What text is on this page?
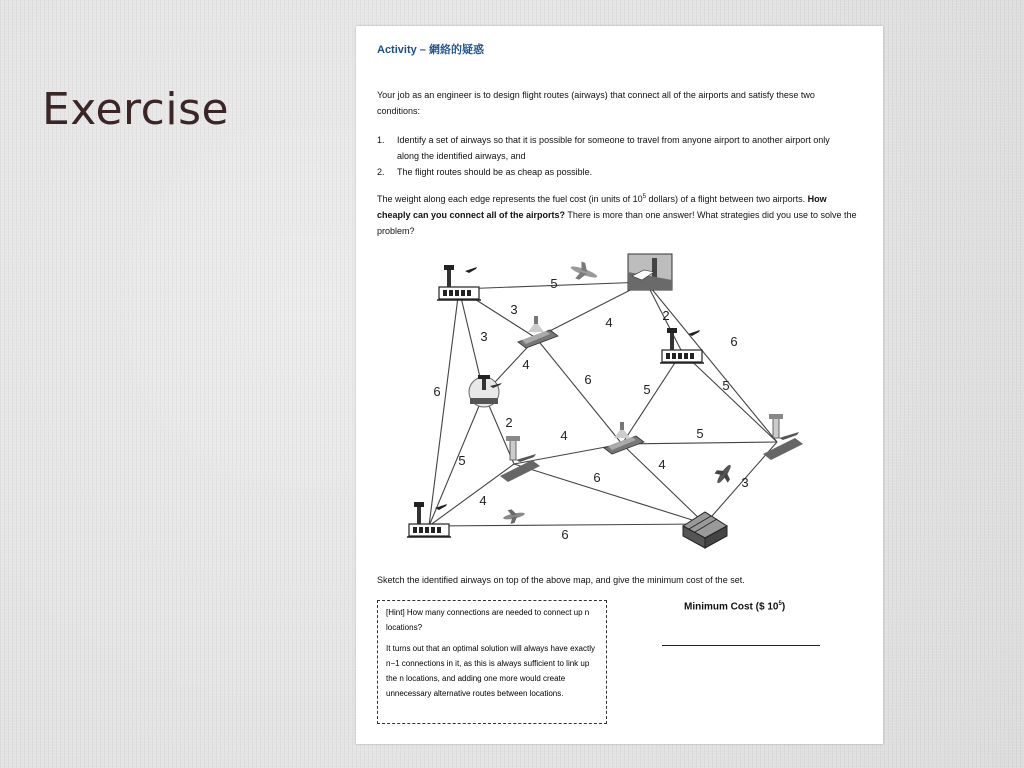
Exercise
Activity – 網絡的疑惑
Your job as an engineer is to design flight routes (airways) that connect all of the airports and satisfy these two conditions:
1.	Identify a set of airways so that it is possible for someone to travel from anyone airport to another airport only along the identified airways, and
2.	The flight routes should be as cheap as possible.
The weight along each edge represents the fuel cost (in units of $10^5$ dollars) of a flight between two airports. How cheaply can you connect all of the airports? There is more than one answer! What strategies did you use to solve the problem?
5
3
3
6
4	2
6
4
6
5	5
2
5
4	5
4
6	3
4
6
Sketch the identified airways on top of the above map, and give the minimum cost of the set.
[Hint] How many connections are needed to connect up n locations?
It turns out that an optimal solution will always have exactly n−1 connections in it, as this is always sufficient to link up the n locations, and adding one more would create unnecessary alternative routes between locations.
Minimum Cost ($ $10^5$)
